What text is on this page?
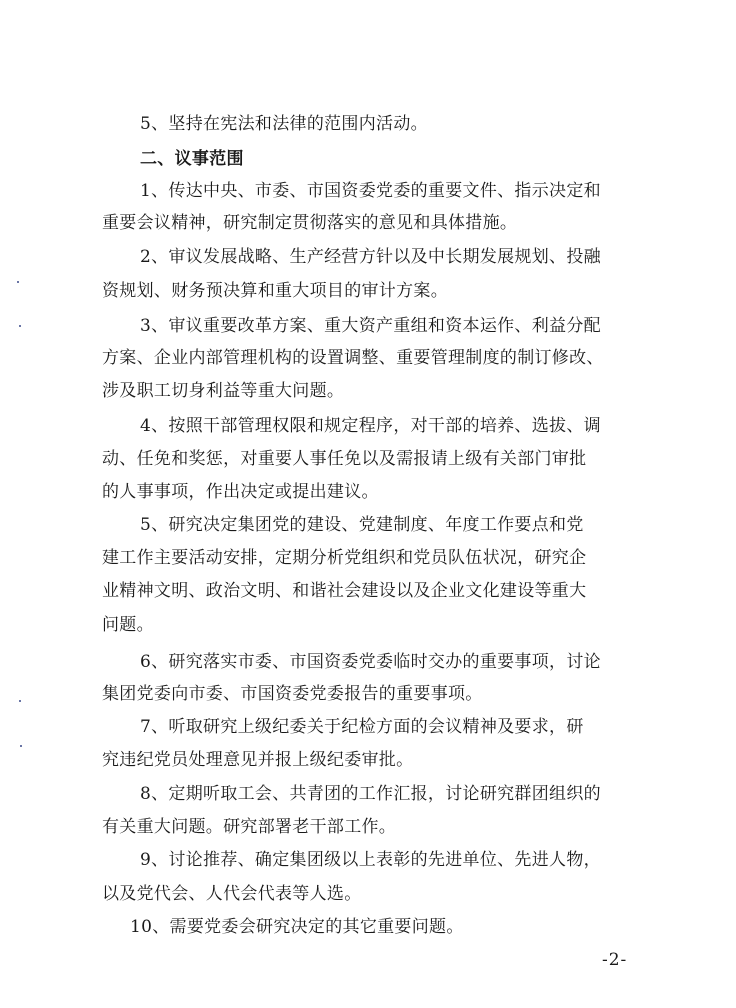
5、坚持在宪法和法律的范围内活动。
二、议事范围
1、传达中央、市委、市国资委党委的重要文件、指示决定和
重要会议精神，研究制定贯彻落实的意见和具体措施。
2、审议发展战略、生产经营方针以及中长期发展规划、投融
资规划、财务预决算和重大项目的审计方案。
3、审议重要改革方案、重大资产重组和资本运作、利益分配
方案、企业内部管理机构的设置调整、重要管理制度的制订修改、
涉及职工切身利益等重大问题。
4、按照干部管理权限和规定程序，对干部的培养、选拔、调
动、任免和奖惩，对重要人事任免以及需报请上级有关部门审批
的人事事项，作出决定或提出建议。
5、研究决定集团党的建设、党建制度、年度工作要点和党
建工作主要活动安排，定期分析党组织和党员队伍状况，研究企
业精神文明、政治文明、和谐社会建设以及企业文化建设等重大
问题。
6、研究落实市委、市国资委党委临时交办的重要事项，讨论
集团党委向市委、市国资委党委报告的重要事项。
7、听取研究上级纪委关于纪检方面的会议精神及要求，研
究违纪党员处理意见并报上级纪委审批。
8、定期听取工会、共青团的工作汇报，讨论研究群团组织的
有关重大问题。研究部署老干部工作。
9、讨论推荐、确定集团级以上表彰的先进单位、先进人物，
以及党代会、人代会代表等人选。
10、需要党委会研究决定的其它重要问题。
-2-
